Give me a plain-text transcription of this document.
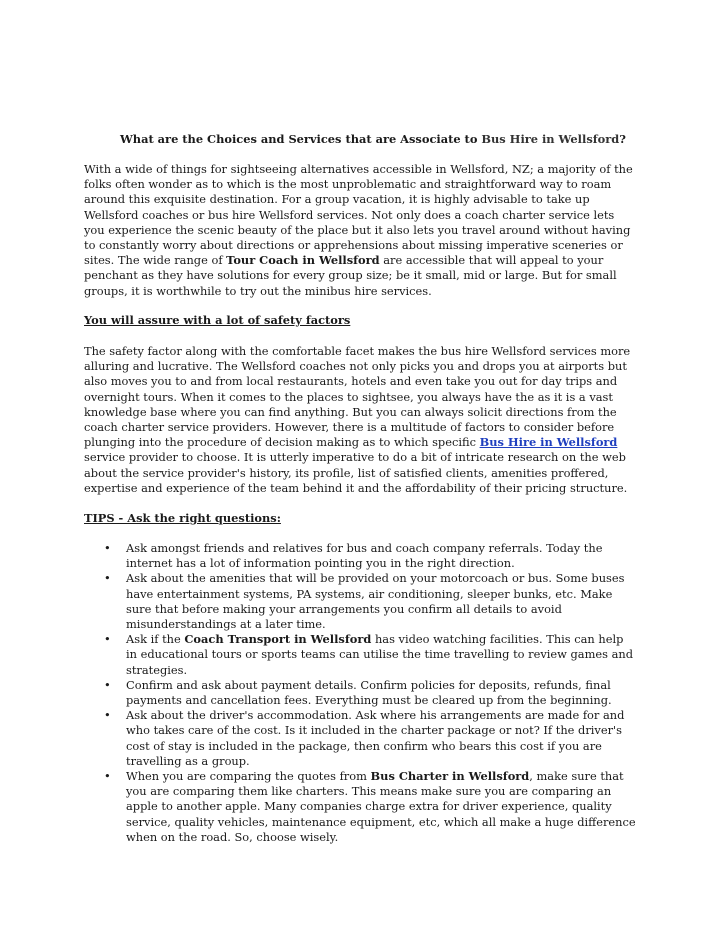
What are the Choices and Services that are Associate to Bus Hire in Wellsford?
With a wide of things for sightseeing alternatives accessible in Wellsford, NZ; a majority of the folks often wonder as to which is the most unproblematic and straightforward way to roam around this exquisite destination. For a group vacation, it is highly advisable to take up Wellsford coaches or bus hire Wellsford services. Not only does a coach charter service lets you experience the scenic beauty of the place but it also lets you travel around without having to constantly worry about directions or apprehensions about missing imperative sceneries or sites. The wide range of Tour Coach in Wellsford are accessible that will appeal to your penchant as they have solutions for every group size; be it small, mid or large. But for small groups, it is worthwhile to try out the minibus hire services.
You will assure with a lot of safety factors
The safety factor along with the comfortable facet makes the bus hire Wellsford services more alluring and lucrative. The Wellsford coaches not only picks you and drops you at airports but also moves you to and from local restaurants, hotels and even take you out for day trips and overnight tours. When it comes to the places to sightsee, you always have the as it is a vast knowledge base where you can find anything. But you can always solicit directions from the coach charter service providers. However, there is a multitude of factors to consider before plunging into the procedure of decision making as to which specific Bus Hire in Wellsford service provider to choose. It is utterly imperative to do a bit of intricate research on the web about the service provider's history, its profile, list of satisfied clients, amenities proffered, expertise and experience of the team behind it and the affordability of their pricing structure.
TIPS - Ask the right questions:
• Ask amongst friends and relatives for bus and coach company referrals. Today the internet has a lot of information pointing you in the right direction.
• Ask about the amenities that will be provided on your motorcoach or bus. Some buses have entertainment systems, PA systems, air conditioning, sleeper bunks, etc. Make sure that before making your arrangements you confirm all details to avoid misunderstandings at a later time.
• Ask if the Coach Transport in Wellsford has video watching facilities. This can help in educational tours or sports teams can utilise the time travelling to review games and strategies.
• Confirm and ask about payment details. Confirm policies for deposits, refunds, final payments and cancellation fees. Everything must be cleared up from the beginning.
• Ask about the driver's accommodation. Ask where his arrangements are made for and who takes care of the cost. Is it included in the charter package or not? If the driver's cost of stay is included in the package, then confirm who bears this cost if you are travelling as a group.
• When you are comparing the quotes from Bus Charter in Wellsford, make sure that you are comparing them like charters. This means make sure you are comparing an apple to another apple. Many companies charge extra for driver experience, quality service, quality vehicles, maintenance equipment, etc, which all make a huge difference when on the road. So, choose wisely.
